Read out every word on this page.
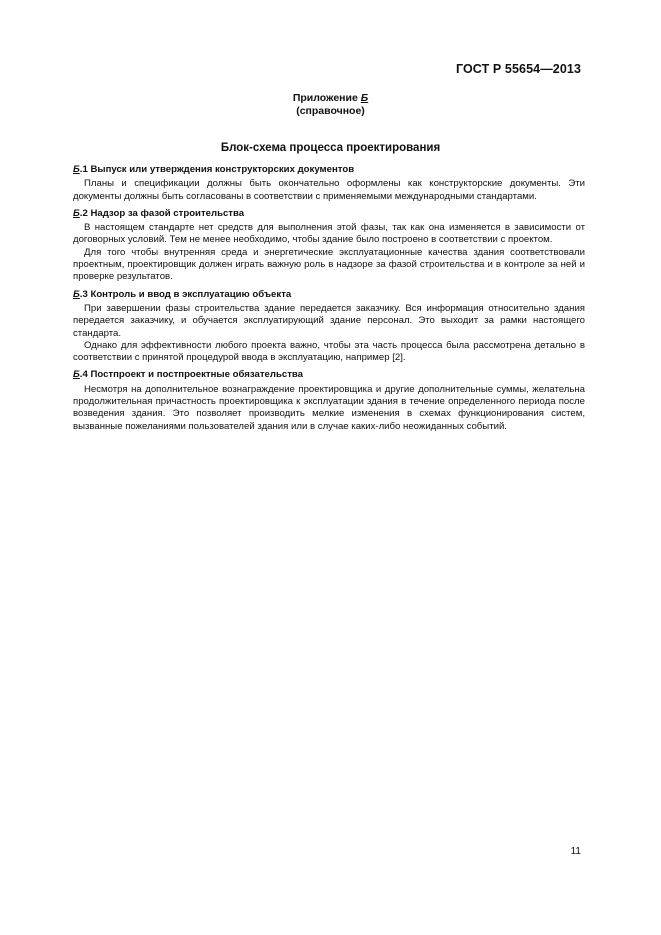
ГОСТ Р 55654—2013
Приложение Б
(справочное)
Блок-схема процесса проектирования
Б.1 Выпуск или утверждения конструкторских документов

Планы и спецификации должны быть окончательно оформлены как конструкторские документы. Эти документы должны быть согласованы в соответствии с применяемыми международными стандартами.

Б.2 Надзор за фазой строительства

В настоящем стандарте нет средств для выполнения этой фазы, так как она изменяется в зависимости от договорных условий. Тем не менее необходимо, чтобы здание было построено в соответствии с проектом.

Для того чтобы внутренняя среда и энергетические эксплуатационные качества здания соответствовали проектным, проектировщик должен играть важную роль в надзоре за фазой строительства и в контроле за ней и проверке результатов.

Б.3 Контроль и ввод в эксплуатацию объекта

При завершении фазы строительства здание передается заказчику. Вся информация относительно здания передается заказчику, и обучается эксплуатирующий здание персонал. Это выходит за рамки настоящего стандарта.

Однако для эффективности любого проекта важно, чтобы эта часть процесса была рассмотрена детально в соответствии с принятой процедурой ввода в эксплуатацию, например [2].

Б.4 Постпроект и постпроектные обязательства

Несмотря на дополнительное вознаграждение проектировщика и другие дополнительные суммы, желательна продолжительная причастность проектировщика к эксплуатации здания в течение определенного периода после возведения здания. Это позволяет производить мелкие изменения в схемах функционирования систем, вызванные пожеланиями пользователей здания или в случае каких-либо неожиданных событий.

11
